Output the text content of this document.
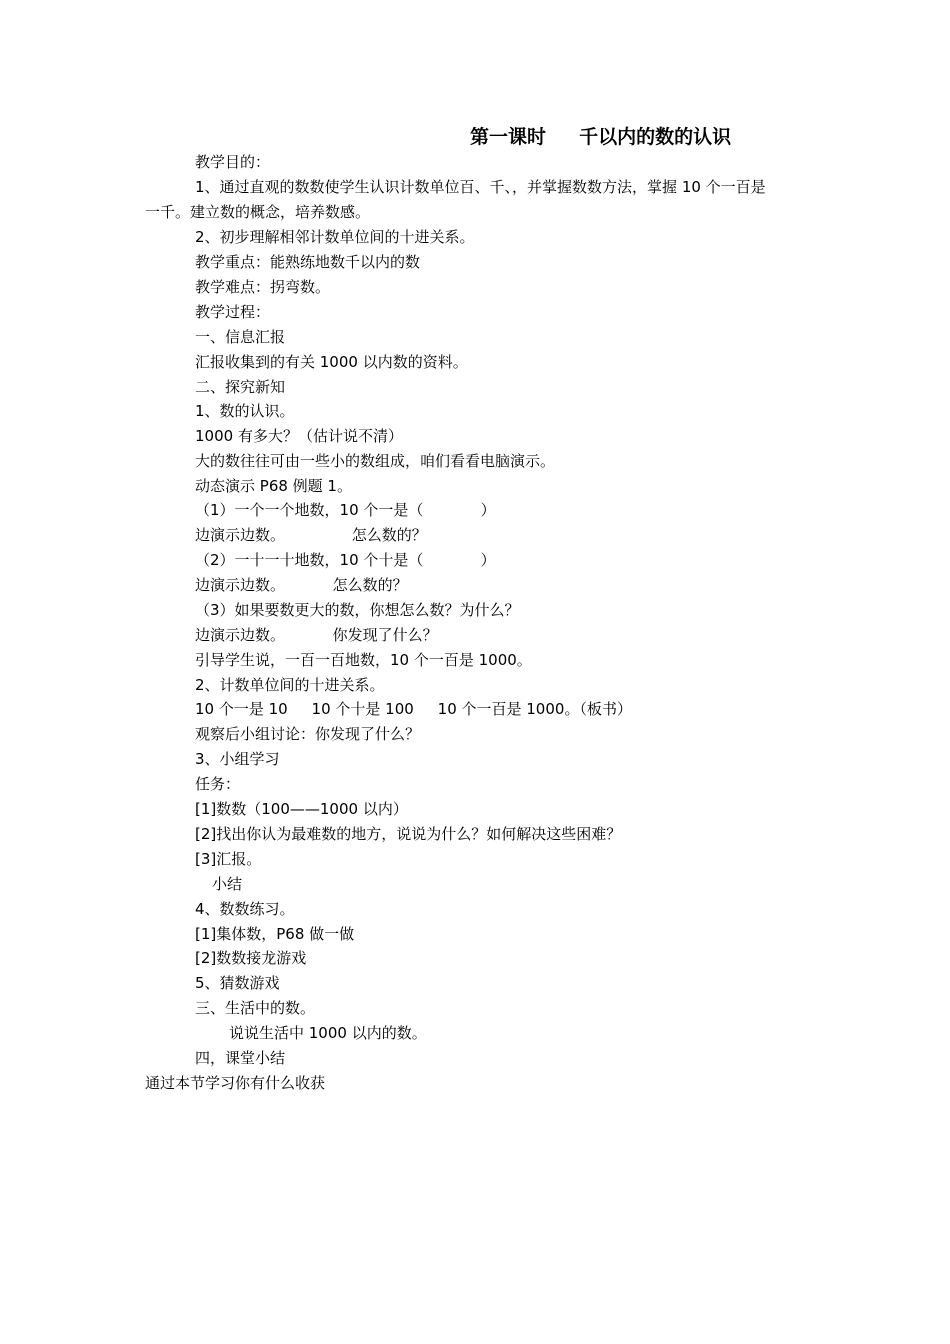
第一课时     千以内的数的认识
教学目的：
1、通过直观的数数使学生认识计数单位百、千、，并掌握数数方法，掌握 10 个一百是
一千。建立数的概念，培养数感。
2、初步理解相邻计数单位间的十进关系。
教学重点：能熟练地数千以内的数
教学难点：拐弯数。
教学过程：
一、信息汇报
汇报收集到的有关 1000 以内数的资料。
二、探究新知
1、数的认识。
1000 有多大？（估计说不清）
大的数往往可由一些小的数组成，咱们看看电脑演示。
动态演示 P68 例题 1。
（1）一个一个地数，10 个一是（            ）
边演示边数。              怎么数的？
（2）一十一十地数，10 个十是（            ）
边演示边数。          怎么数的？
（3）如果要数更大的数，你想怎么数？为什么？
边演示边数。          你发现了什么？
引导学生说，一百一百地数，10 个一百是 1000。
2、计数单位间的十进关系。
10 个一是 10     10 个十是 100     10 个一百是 1000。（板书）
观察后小组讨论：你发现了什么？
3、小组学习
任务：
[1]数数（100——1000 以内）
[2]找出你认为最难数的地方，说说为什么？如何解决这些困难？
[3]汇报。
小结
4、数数练习。
[1]集体数，P68 做一做
[2]数数接龙游戏
5、猜数游戏
三、生活中的数。
说说生活中 1000 以内的数。
四，课堂小结
通过本节学习你有什么收获
